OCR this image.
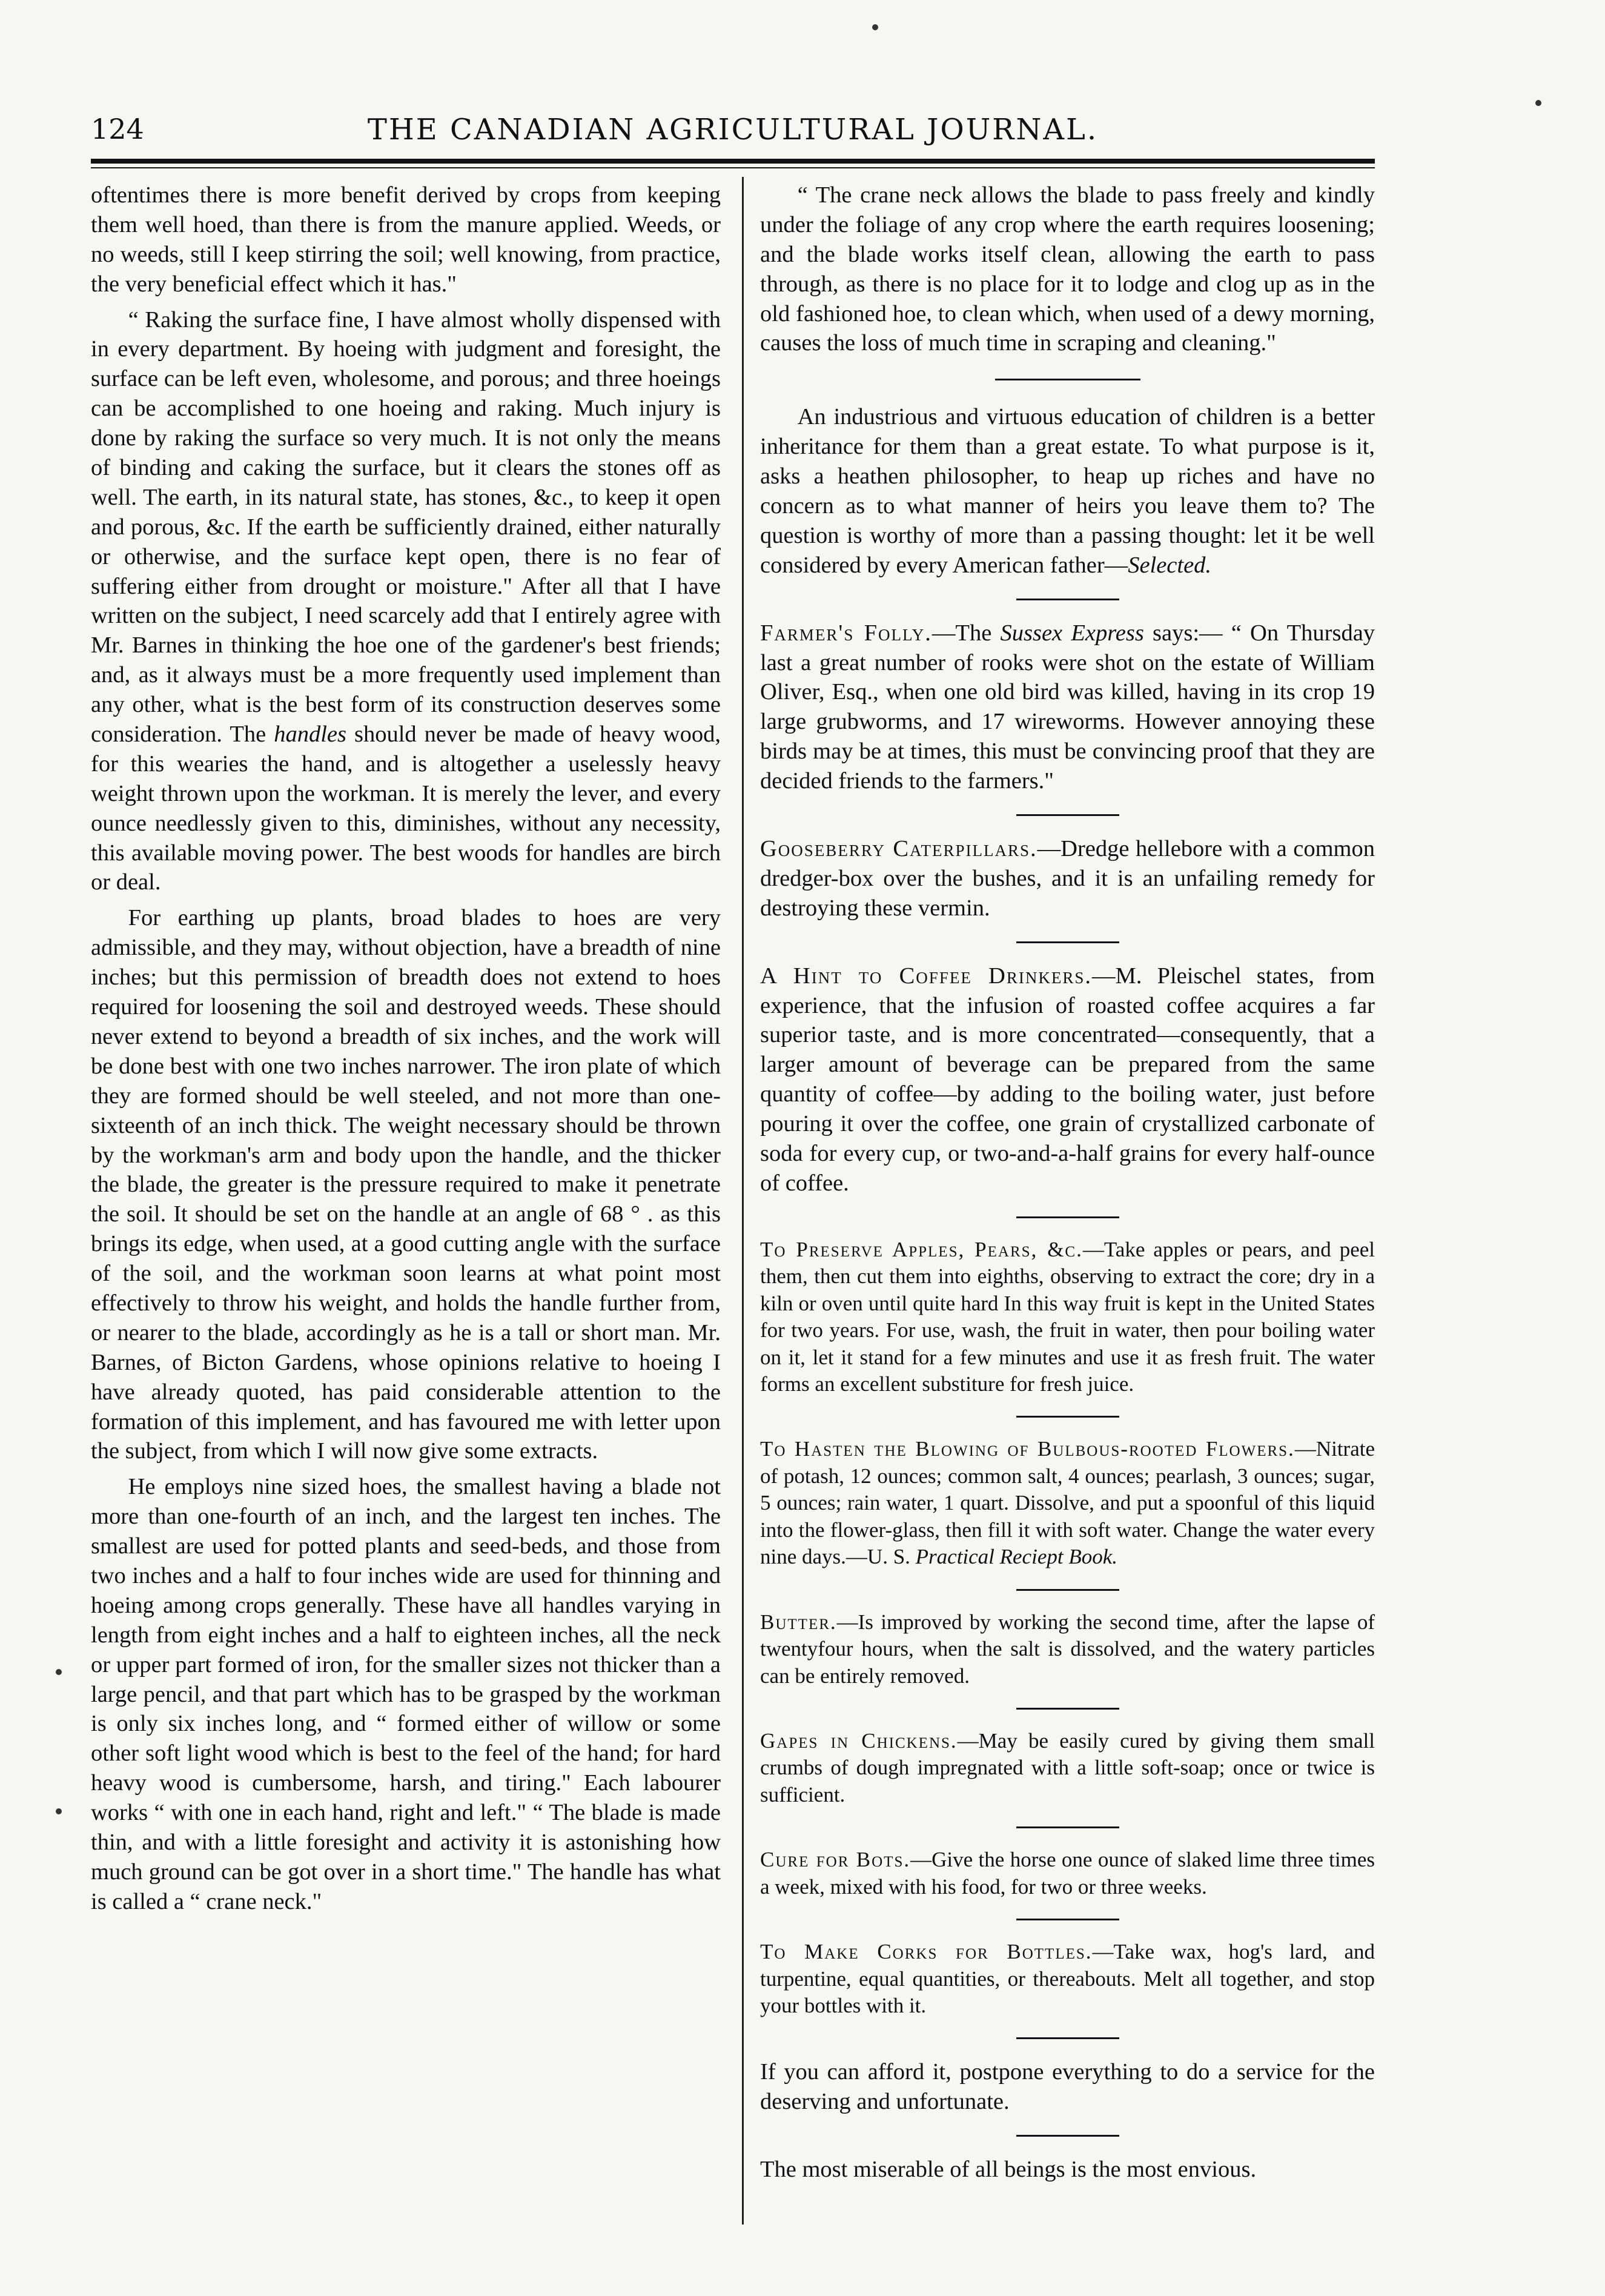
124	THE CANADIAN AGRICULTURAL JOURNAL.

oftentimes there is more benefit derived by crops from keeping them well hoed, than there is from the manure applied. Weeds, or no weeds, still I keep stirring the soil; well knowing, from practice, the very beneficial effect which it has."

“ Raking the surface fine, I have almost wholly dispensed with in every department. By hoeing with judgment and foresight, the surface can be left even, wholesome, and porous; and three hoeings can be accomplished to one hoeing and raking. Much injury is done by raking the surface so very much. It is not only the means of binding and caking the surface, but it clears the stones off as well. The earth, in its natural state, has stones, &c., to keep it open and porous, &c. If the earth be sufficiently drained, either naturally or otherwise, and the surface kept open, there is no fear of suffering either from drought or moisture." After all that I have written on the subject, I need scarcely add that I entirely agree with Mr. Barnes in thinking the hoe one of the gardener's best friends; and, as it always must be a more frequently used implement than any other, what is the best form of its construction deserves some consideration. The handles should never be made of heavy wood, for this wearies the hand, and is altogether a uselessly heavy weight thrown upon the workman. It is merely the lever, and every ounce needlessly given to this, diminishes, without any necessity, this available moving power. The best woods for handles are birch or deal.

For earthing up plants, broad blades to hoes are very admissible, and they may, without objection, have a breadth of nine inches; but this permission of breadth does not extend to hoes required for loosening the soil and destroyed weeds. These should never extend to beyond a breadth of six inches, and the work will be done best with one two inches narrower. The iron plate of which they are formed should be well steeled, and not more than one-sixteenth of an inch thick. The weight necessary should be thrown by the workman's arm and body upon the handle, and the thicker the blade, the greater is the pressure required to make it penetrate the soil. It should be set on the handle at an angle of 68 ° . as this brings its edge, when used, at a good cutting angle with the surface of the soil, and the workman soon learns at what point most effectively to throw his weight, and holds the handle further from, or nearer to the blade, accordingly as he is a tall or short man. Mr. Barnes, of Bicton Gardens, whose opinions relative to hoeing I have already quoted, has paid considerable attention to the formation of this implement, and has favoured me with letter upon the subject, from which I will now give some extracts.

He employs nine sized hoes, the smallest having a blade not more than one-fourth of an inch, and the largest ten inches. The smallest are used for potted plants and seed-beds, and those from two inches and a half to four inches wide are used for thinning and hoeing among crops generally. These have all handles varying in length from eight inches and a half to eighteen inches, all the neck or upper part formed of iron, for the smaller sizes not thicker than a large pencil, and that part which has to be grasped by the workman is only six inches long, and “ formed either of willow or some other soft light wood which is best to the feel of the hand; for hard heavy wood is cumbersome, harsh, and tiring." Each labourer works “ with one in each hand, right and left." “ The blade is made thin, and with a little foresight and activity it is astonishing how much ground can be got over in a short time." The handle has what is called a “ crane neck."

“ The crane neck allows the blade to pass freely and kindly under the foliage of any crop where the earth requires loosening; and the blade works itself clean, allowing the earth to pass through, as there is no place for it to lodge and clog up as in the old fashioned hoe, to clean which, when used of a dewy morning, causes the loss of much time in scraping and cleaning."

An industrious and virtuous education of children is a better inheritance for them than a great estate. To what purpose is it, asks a heathen philosopher, to heap up riches and have no concern as to what manner of heirs you leave them to? The question is worthy of more than a passing thought: let it be well considered by every American father—Selected.

Farmer's Folly.—The Sussex Express says:— “ On Thursday last a great number of rooks were shot on the estate of William Oliver, Esq., when one old bird was killed, having in its crop 19 large grubworms, and 17 wireworms. However annoying these birds may be at times, this must be convincing proof that they are decided friends to the farmers."

Gooseberry Caterpillars.—Dredge hellebore with a common dredger-box over the bushes, and it is an unfailing remedy for destroying these vermin.

A Hint to Coffee Drinkers.—M. Pleischel states, from experience, that the infusion of roasted coffee acquires a far superior taste, and is more concentrated—consequently, that a larger amount of beverage can be prepared from the same quantity of coffee—by adding to the boiling water, just before pouring it over the coffee, one grain of crystallized carbonate of soda for every cup, or two-and-a-half grains for every half-ounce of coffee.

To Preserve Apples, Pears, &c.—Take apples or pears, and peel them, then cut them into eighths, observing to extract the core; dry in a kiln or oven until quite hard In this way fruit is kept in the United States for two years. For use, wash, the fruit in water, then pour boiling water on it, let it stand for a few minutes and use it as fresh fruit. The water forms an excellent substiture for fresh juice.

To Hasten the Blowing of Bulbous-rooted Flowers.—Nitrate of potash, 12 ounces; common salt, 4 ounces; pearlash, 3 ounces; sugar, 5 ounces; rain water, 1 quart. Dissolve, and put a spoonful of this liquid into the flower-glass, then fill it with soft water. Change the water every nine days.—U. S. Practical Reciept Book.

Butter.—Is improved by working the second time, after the lapse of twentyfour hours, when the salt is dissolved, and the watery particles can be entirely removed.

Gapes in Chickens.—May be easily cured by giving them small crumbs of dough impregnated with a little soft-soap; once or twice is sufficient.

Cure for Bots.—Give the horse one ounce of slaked lime three times a week, mixed with his food, for two or three weeks.

To Make Corks for Bottles.—Take wax, hog's lard, and turpentine, equal quantities, or thereabouts. Melt all together, and stop your bottles with it.

If you can afford it, postpone everything to do a service for the deserving and unfortunate.

The most miserable of all beings is the most envious.
